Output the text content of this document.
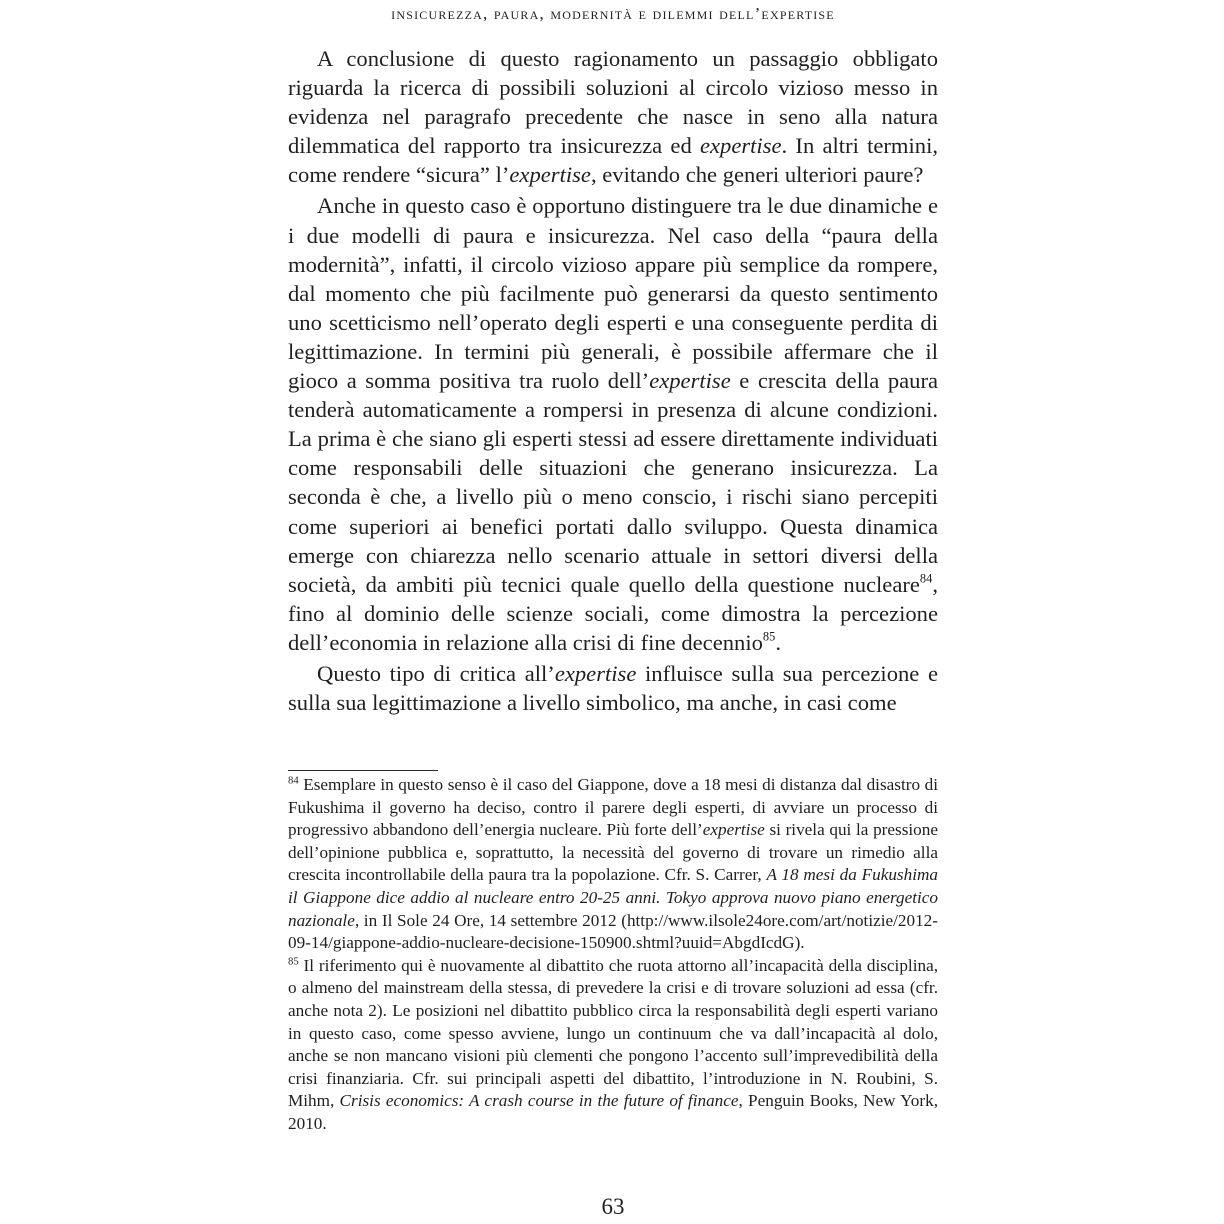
insicurezza, paura, modernità e dilemmi dell’expertise

A conclusione di questo ragionamento un passaggio obbligato riguarda la ricerca di possibili soluzioni al circolo vizioso messo in evidenza nel paragrafo precedente che nasce in seno alla natura dilemmatica del rapporto tra insicurezza ed expertise. In altri termini, come rendere “sicura” l’expertise, evitando che generi ulteriori paure?

Anche in questo caso è opportuno distinguere tra le due dinamiche e i due modelli di paura e insicurezza. Nel caso della “paura della modernità”, infatti, il circolo vizioso appare più semplice da rompere, dal momento che più facilmente può generarsi da questo sentimento uno scetticismo nell’operato degli esperti e una conseguente perdita di legittimazione. In termini più generali, è possibile affermare che il gioco a somma positiva tra ruolo dell’expertise e crescita della paura tenderà automaticamente a rompersi in presenza di alcune condizioni. La prima è che siano gli esperti stessi ad essere direttamente individuati come responsabili delle situazioni che generano insicurezza. La seconda è che, a livello più o meno conscio, i rischi siano percepiti come superiori ai benefici portati dallo sviluppo. Questa dinamica emerge con chiarezza nello scenario attuale in settori diversi della società, da ambiti più tecnici quale quello della questione nucleare$^{84}$, fino al dominio delle scienze sociali, come dimostra la percezione dell’economia in relazione alla crisi di fine decennio$^{85}$.

Questo tipo di critica all’expertise influisce sulla sua percezione e sulla sua legittimazione a livello simbolico, ma anche, in casi come

$^{84}$ Esemplare in questo senso è il caso del Giappone, dove a 18 mesi di distanza dal disastro di Fukushima il governo ha deciso, contro il parere degli esperti, di avviare un processo di progressivo abbandono dell’energia nucleare. Più forte dell’expertise si rivela qui la pressione dell’opinione pubblica e, soprattutto, la necessità del governo di trovare un rimedio alla crescita incontrollabile della paura tra la popolazione. Cfr. S. Carrer, A 18 mesi da Fukushima il Giappone dice addio al nucleare entro 20-25 anni. Tokyo approva nuovo piano energetico nazionale, in Il Sole 24 Ore, 14 settembre 2012 (http://www.ilsole24ore.com/art/notizie/2012-09-14/giappone-addio-nucleare-decisione-150900.shtml?uuid=AbgdIcdG).

$^{85}$ Il riferimento qui è nuovamente al dibattito che ruota attorno all’incapacità della disciplina, o almeno del mainstream della stessa, di prevedere la crisi e di trovare soluzioni ad essa (cfr. anche nota 2). Le posizioni nel dibattito pubblico circa la responsabilità degli esperti variano in questo caso, come spesso avviene, lungo un continuum che va dall’incapacità al dolo, anche se non mancano visioni più clementi che pongono l’accento sull’imprevedibilità della crisi finanziaria. Cfr. sui principali aspetti del dibattito, l’introduzione in N. Roubini, S. Mihm, Crisis economics: A crash course in the future of finance, Penguin Books, New York, 2010.

63
